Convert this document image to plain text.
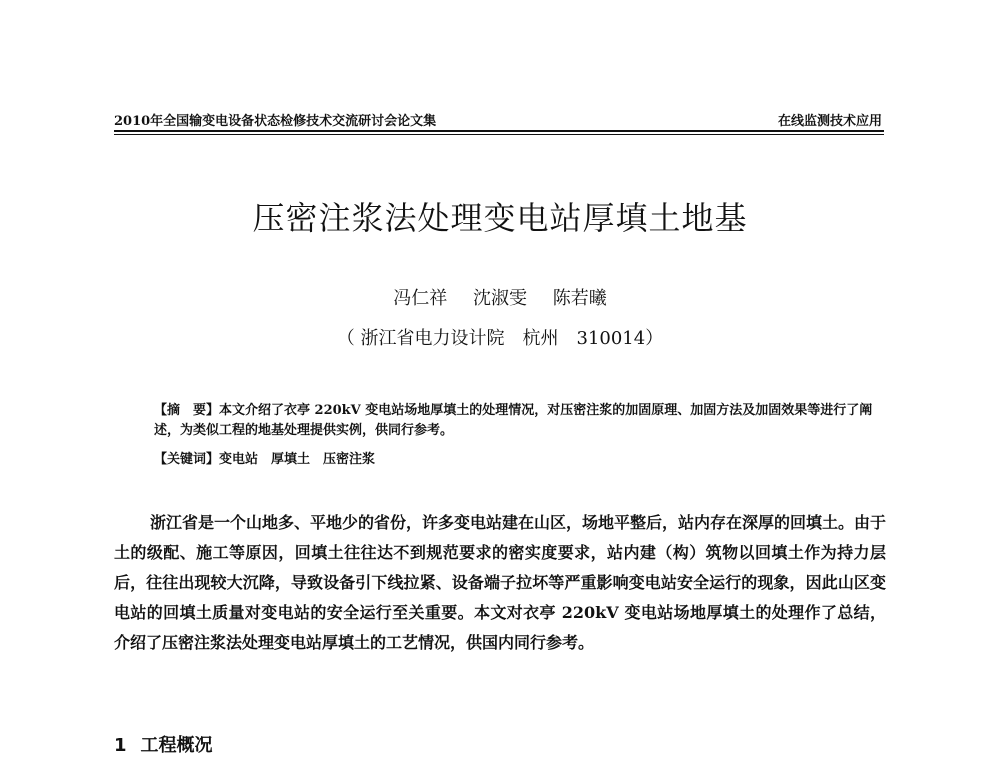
2010年全国输变电设备状态检修技术交流研讨会论文集	在线监测技术应用
压密注浆法处理变电站厚填土地基
冯仁祥 沈淑雯 陈若曦
（ 浙江省电力设计院　杭州　310014）
【摘　要】本文介绍了衣亭 220kV 变电站场地厚填土的处理情况，对压密注浆的加固原理、加固方法及加固效果等进行了阐述，为类似工程的地基处理提供实例，供同行参考。
【关键词】变电站　厚填土　压密注浆
浙江省是一个山地多、平地少的省份，许多变电站建在山区，场地平整后，站内存在深厚的回填土。由于土的级配、施工等原因，回填土往往达不到规范要求的密实度要求，站内建（构）筑物以回填土作为持力层后，往往出现较大沉降，导致设备引下线拉紧、设备端子拉坏等严重影响变电站安全运行的现象，因此山区变电站的回填土质量对变电站的安全运行至关重要。本文对衣亭 220kV 变电站场地厚填土的处理作了总结，介绍了压密注浆法处理变电站厚填土的工艺情况，供国内同行参考。
1 工程概况
